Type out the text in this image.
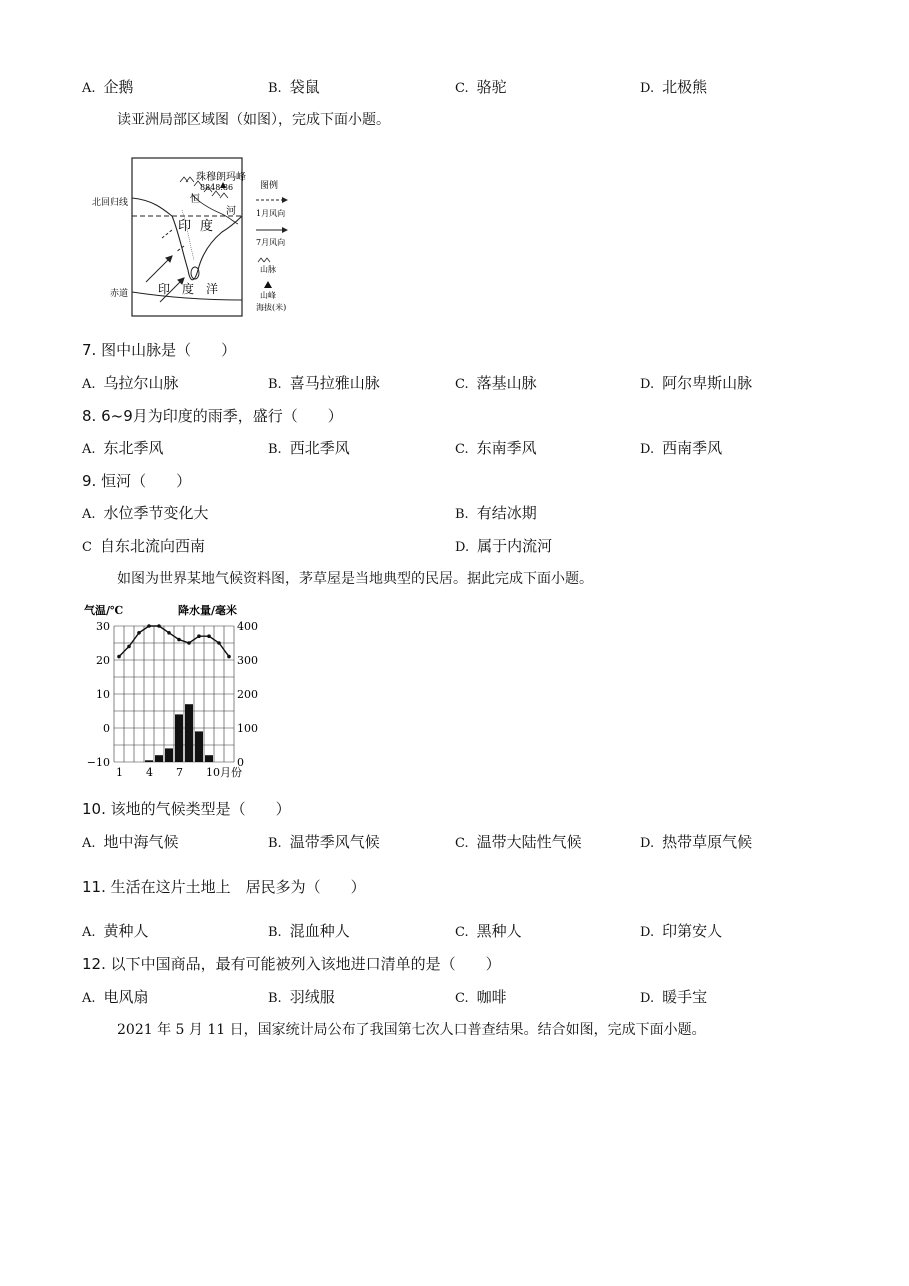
A. 企鹅	B. 袋鼠	C. 骆驼	D. 北极熊
读亚洲局部区域图（如图），完成下面小题。
珠穆朗玛峰
8848.86
恒
河
印 度
印　度　洋
北回归线
赤道
图例
1月风向
7月风向
山脉
山峰
海拔(米)
7. 图中山脉是（　　）
A. 乌拉尔山脉	B. 喜马拉雅山脉	C. 落基山脉	D. 阿尔卑斯山脉
8. 6~9月为印度的雨季，盛行（　　）
A. 东北季风	B. 西北季风	C. 东南季风	D. 西南季风
9. 恒河（　　）
A. 水位季节变化大	B. 有结冰期
C 自东北流向西南	D. 属于内流河
如图为世界某地气候资料图，茅草屋是当地典型的民居。据此完成下面小题。
气温/℃	降水量/毫米
30
20
10
0
−10
400
300
200
100
0
1 4 7 10月份
10. 该地的气候类型是（　　）
A. 地中海气候	B. 温带季风气候	C. 温带大陆性气候	D. 热带草原气候
11. 生活在这片土地上　居民多为（　　）
A. 黄种人	B. 混血种人	C. 黑种人	D. 印第安人
12. 以下中国商品，最有可能被列入该地进口清单的是（　　）
A. 电风扇	B. 羽绒服	C. 咖啡	D. 暖手宝
2021 年 5 月 11 日，国家统计局公布了我国第七次人口普查结果。结合如图，完成下面小题。
